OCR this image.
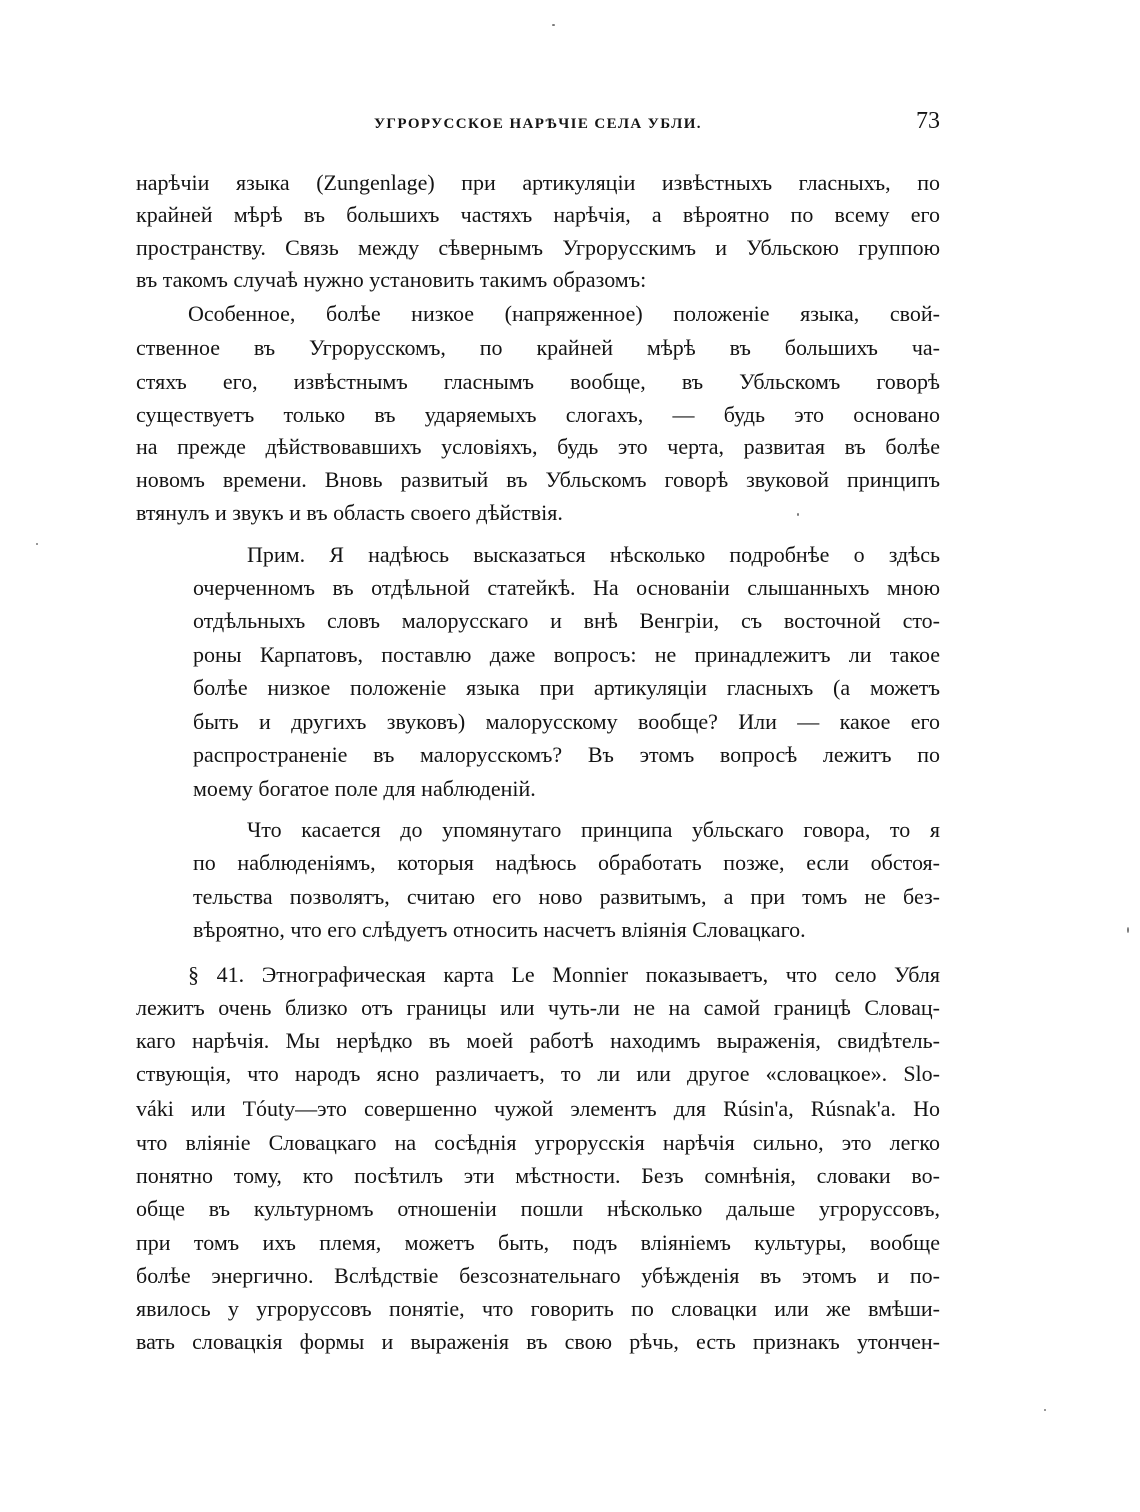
УГРОРУССКОЕ НАРѢЧІЕ СЕЛА УБЛИ.	73
нарѣчіи языка (Zungenlage) при артикуляціи извѣстныхъ гласныхъ, по
крайней мѣрѣ въ большихъ частяхъ нарѣчія, а вѣроятно по всему его
пространству. Связь между сѣвернымъ Угрорусскимъ и Убльскою группою
въ такомъ случаѣ нужно установить такимъ образомъ:
Особенное, болѣе низкое (напряженное) положеніе языка, свой-
ственное въ Угрорусскомъ, по крайней мѣрѣ въ большихъ ча-
стяхъ его, извѣстнымъ гласнымъ вообще, въ Убльскомъ говорѣ
существуетъ только въ ударяемыхъ слогахъ, — будь это основано
на прежде дѣйствовавшихъ условіяхъ, будь это черта, развитая въ болѣе
новомъ времени. Вновь развитый въ Убльскомъ говорѣ звуковой принципъ
втянулъ и звукъ и въ область своего дѣйствія.
Прим. Я надѣюсь высказаться нѣсколько подробнѣе о здѣсь
очерченномъ въ отдѣльной статейкѣ. На основаніи слышанныхъ мною
отдѣльныхъ словъ малорусскаго и внѣ Венгріи, съ восточной сто-
роны Карпатовъ, поставлю даже вопросъ: не принадлежитъ ли такое
болѣе низкое положеніе языка при артикуляціи гласныхъ (а можетъ
быть и другихъ звуковъ) малорусскому вообще? Или — какое его
распространеніе въ малорусскомъ? Въ этомъ вопросѣ лежитъ по
моему богатое поле для наблюденій.
Что касается до упомянутаго принципа убльскаго говора, то я
по наблюденіямъ, которыя надѣюсь обработать позже, если обстоя-
тельства позволятъ, считаю его ново развитымъ, а при томъ не без-
вѣроятно, что его слѣдуетъ относить насчетъ вліянія Словацкаго.
§ 41. Этнографическая карта Le Monnier показываетъ, что село Убля
лежитъ очень близко отъ границы или чуть-ли не на самой границѣ Словац-
каго нарѣчія. Мы нерѣдко въ моей работѣ находимъ выраженія, свидѣтель-
ствующія, что народъ ясно различаетъ, то ли или другое «словацкое». Slo-
váki или Tóuty—это совершенно чужой элементъ для Rúsin'a, Rúsnak'a. Но
что вліяніе Словацкаго на сосѣднія угрорусскія нарѣчія сильно, это легко
понятно тому, кто посѣтилъ эти мѣстности. Безъ сомнѣнія, словаки во-
обще въ культурномъ отношеніи пошли нѣсколько дальше угроруссовъ,
при томъ ихъ племя, можетъ быть, подъ вліяніемъ культуры, вообще
болѣе энергично. Вслѣдствіе безсознательнаго убѣжденія въ этомъ и по-
явилось у угроруссовъ понятіе, что говорить по словацки или же вмѣши-
вать словацкія формы и выраженія въ свою рѣчь, есть признакъ утончен-
